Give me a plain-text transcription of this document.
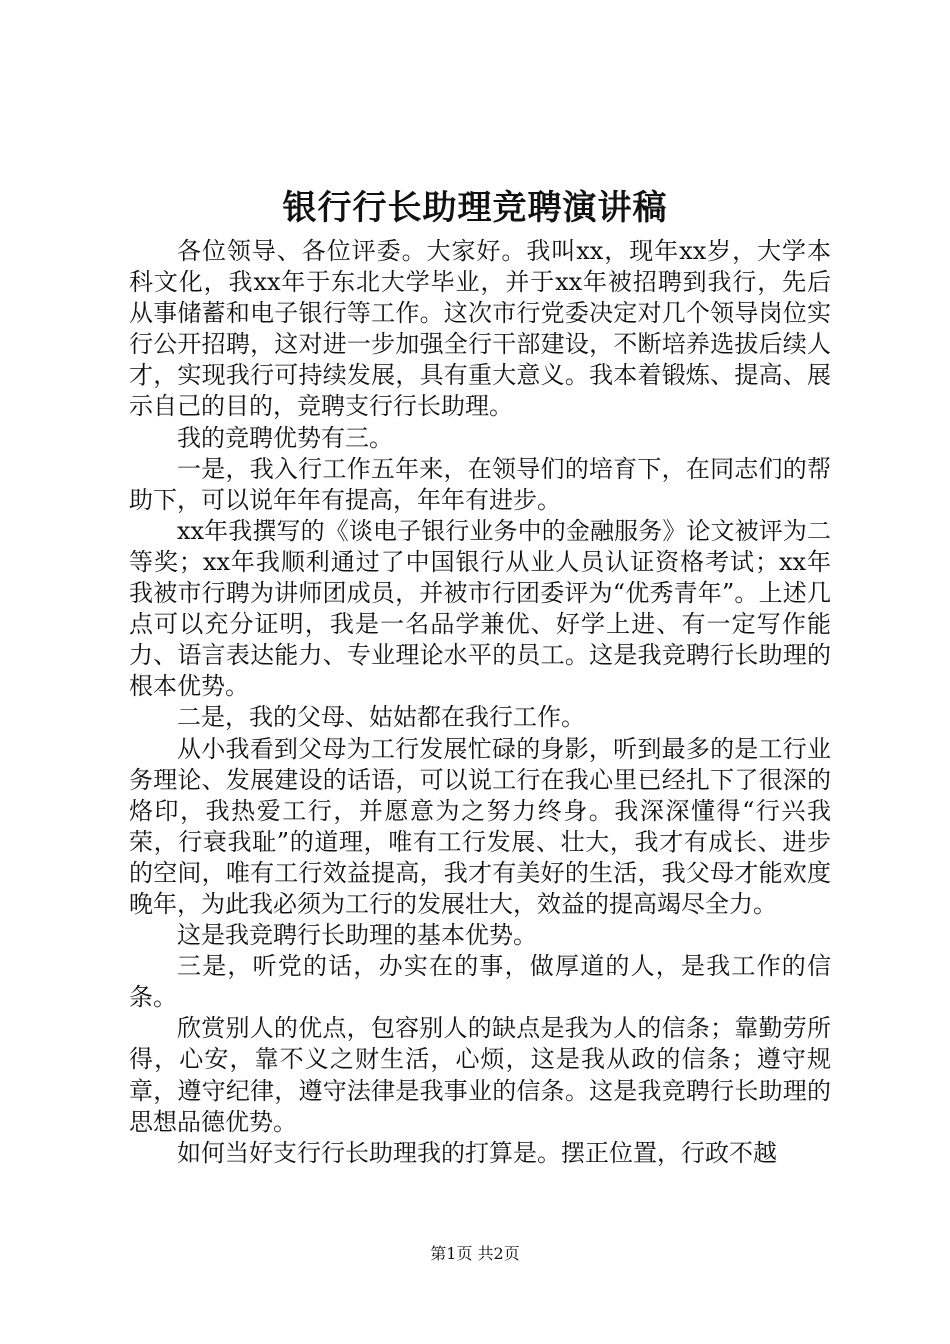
银行行长助理竞聘演讲稿

各位领导、各位评委。大家好。我叫xx，现年xx岁，大学本科文化，我xx年于东北大学毕业，并于xx年被招聘到我行，先后从事储蓄和电子银行等工作。这次市行党委决定对几个领导岗位实行公开招聘，这对进一步加强全行干部建设，不断培养选拔后续人才，实现我行可持续发展，具有重大意义。我本着锻炼、提高、展示自己的目的，竞聘支行行长助理。

我的竞聘优势有三。

一是，我入行工作五年来，在领导们的培育下，在同志们的帮助下，可以说年年有提高，年年有进步。

xx年我撰写的《谈电子银行业务中的金融服务》论文被评为二等奖；xx年我顺利通过了中国银行从业人员认证资格考试；xx年我被市行聘为讲师团成员，并被市行团委评为“优秀青年”。上述几点可以充分证明，我是一名品学兼优、好学上进、有一定写作能力、语言表达能力、专业理论水平的员工。这是我竞聘行长助理的根本优势。

二是，我的父母、姑姑都在我行工作。

从小我看到父母为工行发展忙碌的身影，听到最多的是工行业务理论、发展建设的话语，可以说工行在我心里已经扎下了很深的烙印，我热爱工行，并愿意为之努力终身。我深深懂得“行兴我荣，行衰我耻”的道理，唯有工行发展、壮大，我才有成长、进步的空间，唯有工行效益提高，我才有美好的生活，我父母才能欢度晚年，为此我必须为工行的发展壮大，效益的提高竭尽全力。

这是我竞聘行长助理的基本优势。

三是，听党的话，办实在的事，做厚道的人，是我工作的信条。

欣赏别人的优点，包容别人的缺点是我为人的信条；靠勤劳所得，心安，靠不义之财生活，心烦，这是我从政的信条；遵守规章，遵守纪律，遵守法律是我事业的信条。这是我竞聘行长助理的思想品德优势。

如何当好支行行长助理我的打算是。摆正位置，行政不越

第1页 共2页
